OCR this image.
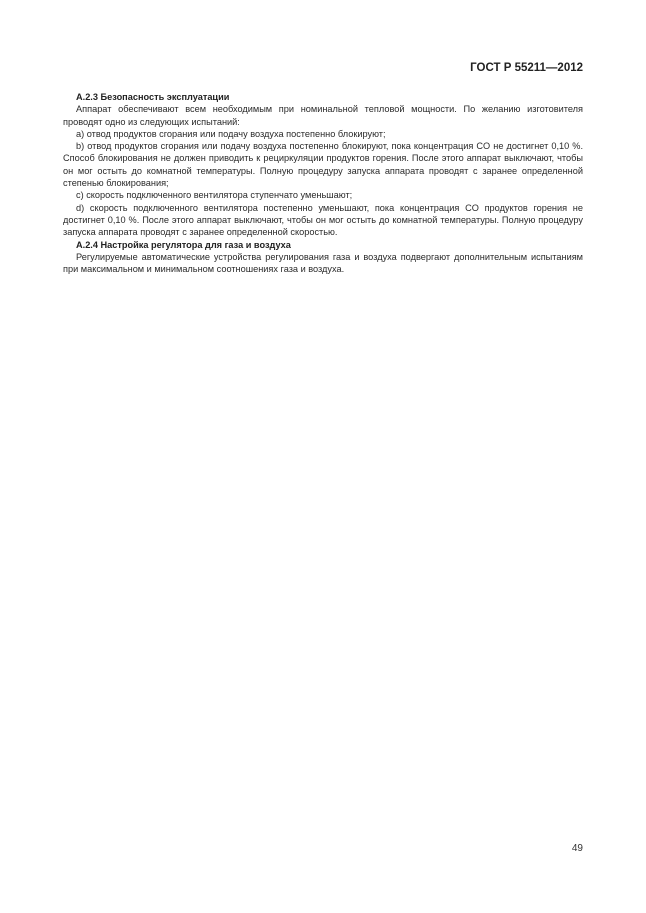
ГОСТ Р 55211—2012

А.2.3 Безопасность эксплуатации

Аппарат обеспечивают всем необходимым при номинальной тепловой мощности. По желанию изготовителя проводят одно из следующих испытаний:

a) отвод продуктов сгорания или подачу воздуха постепенно блокируют;

b) отвод продуктов сгорания или подачу воздуха постепенно блокируют, пока концентрация CO не достигнет 0,10 %. Способ блокирования не должен приводить к рециркуляции продуктов горения. После этого аппарат выключают, чтобы он мог остыть до комнатной температуры. Полную процедуру запуска аппарата проводят с заранее определенной степенью блокирования;

c) скорость подключенного вентилятора ступенчато уменьшают;

d) скорость подключенного вентилятора постепенно уменьшают, пока концентрация CO продуктов горения не достигнет 0,10 %. После этого аппарат выключают, чтобы он мог остыть до комнатной температуры. Полную процедуру запуска аппарата проводят с заранее определенной скоростью.

А.2.4 Настройка регулятора для газа и воздуха

Регулируемые автоматические устройства регулирования газа и воздуха подвергают дополнительным испытаниям при максимальном и минимальном соотношениях газа и воздуха.

49
